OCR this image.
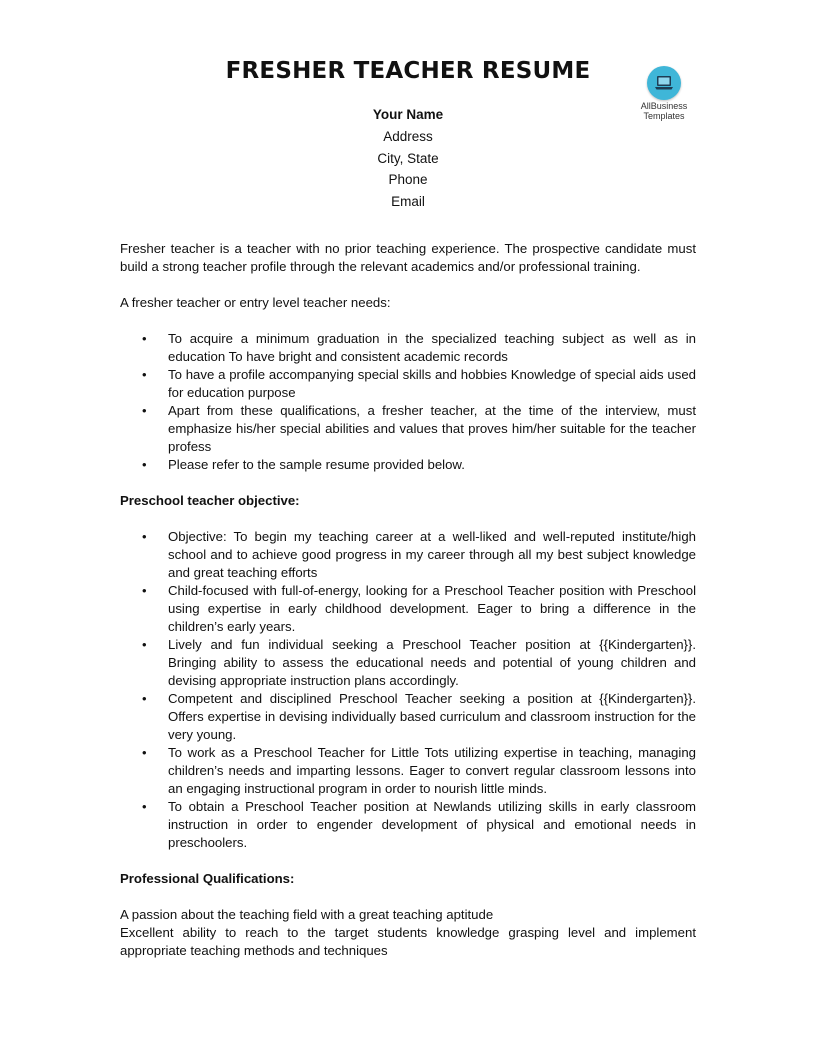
FRESHER TEACHER RESUME
AllBusiness
Templates
Your Name
Address
City, State
Phone
Email

Fresher teacher is a teacher with no prior teaching experience. The prospective candidate must build a strong teacher profile through the relevant academics and/or professional training.

A fresher teacher or entry level teacher needs:

• To acquire a minimum graduation in the specialized teaching subject as well as in education To have bright and consistent academic records
• To have a profile accompanying special skills and hobbies Knowledge of special aids used for education purpose
• Apart from these qualifications, a fresher teacher, at the time of the interview, must emphasize his/her special abilities and values that proves him/her suitable for the teacher profess
• Please refer to the sample resume provided below.

Preschool teacher objective:

• Objective: To begin my teaching career at a well-liked and well-reputed institute/high school and to achieve good progress in my career through all my best subject knowledge and great teaching efforts
• Child-focused with full-of-energy, looking for a Preschool Teacher position with Preschool using expertise in early childhood development. Eager to bring a difference in the children’s early years.
• Lively and fun individual seeking a Preschool Teacher position at {{Kindergarten}}. Bringing ability to assess the educational needs and potential of young children and devising appropriate instruction plans accordingly.
• Competent and disciplined Preschool Teacher seeking a position at {{Kindergarten}}. Offers expertise in devising individually based curriculum and classroom instruction for the very young.
• To work as a Preschool Teacher for Little Tots utilizing expertise in teaching, managing children’s needs and imparting lessons. Eager to convert regular classroom lessons into an engaging instructional program in order to nourish little minds.
• To obtain a Preschool Teacher position at Newlands utilizing skills in early classroom instruction in order to engender development of physical and emotional needs in preschoolers.

Professional Qualifications:

A passion about the teaching field with a great teaching aptitude

Excellent ability to reach to the target students knowledge grasping level and implement appropriate teaching methods and techniques
